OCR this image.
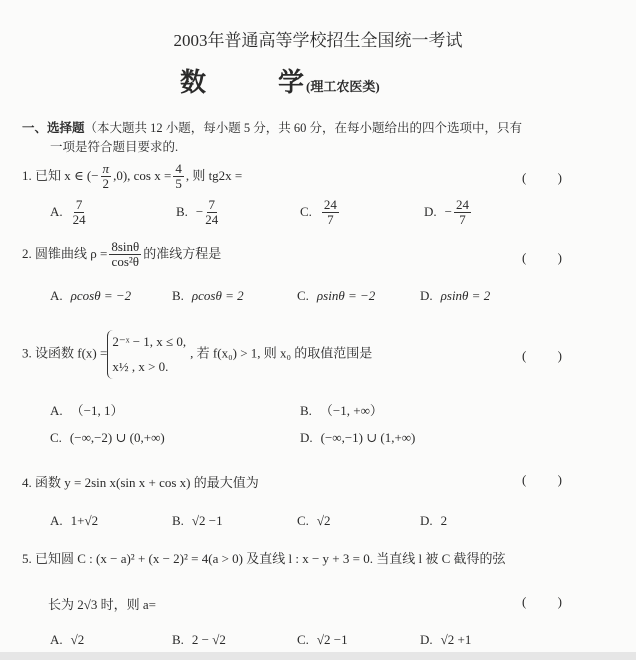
2003年普通高等学校招生全国统一考试
数	学(理工农医类)
一、选择题（本大题共 12 小题，每小题 5 分，共 60 分，在每小题给出的四个选项中，只有
一项是符合题目要求的.
1. 已知 x ∈ (− $\frac{\pi}{2} ,0$), $\cos x = \frac{4}{5}$ , 则 tg2x =	( )
A. $\frac{7}{24}$	B. − $\frac{7}{24}$	C. $\frac{24}{7}$	D. − $\frac{24}{7}$
2. 圆锥曲线 $\rho = \frac{8\sin\theta}{\text{cos²θ}}$ 的准线方程是	( )
A. ρcosθ = −2	B. ρcosθ = 2	C. ρsinθ = −2	D. ρsinθ = 2
3. 设函数 f(x) =
2⁻ˣ − 1, x ≤ 0,
x½ , x > 0.
, 若 f(x₀) > 1, 则 x₀ 的取值范围是	( )
A. （−1, 1）	B. （−1, +∞）
C. (−∞,−2) ∪ (0,+∞)	D. (−∞,−1) ∪ (1,+∞)
4. 函数 y = 2sin x(sin x + cos x) 的最大值为	( )
A. 1+√2	B. √2 −1	C. √2	D. 2
5. 已知圆 C : (x − a)² + (x − 2)² = 4(a > 0) 及直线 l : x − y + 3 = 0. 当直线 l 被 C 截得的弦
长为 2√3 时，则 a=	( )
A. √2	B. 2 − √2	C. √2 −1	D. √2 +1
